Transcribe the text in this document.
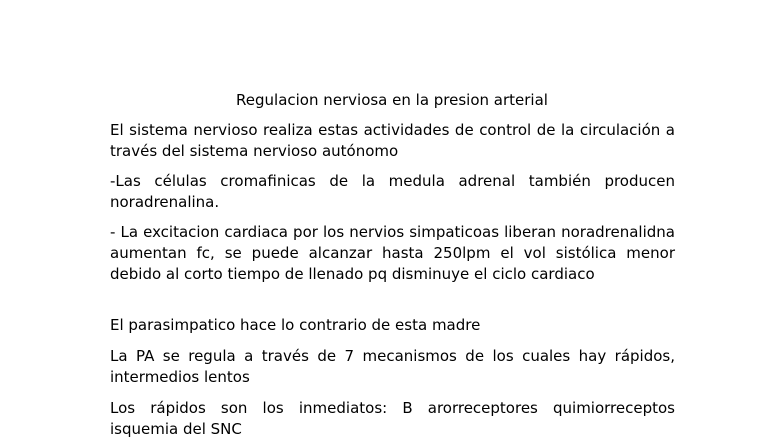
Regulacion nerviosa en la presion arterial

El sistema nervioso realiza estas actividades de control de la circulación a través del sistema nervioso autónomo

-Las células cromafinicas de la medula adrenal también producen noradrenalina.

- La excitacion cardiaca por los nervios simpaticoas liberan noradrenalidna aumentan fc, se puede alcanzar hasta 250lpm el vol sistólica menor debido al corto tiempo de llenado pq disminuye el ciclo cardiaco

El parasimpatico hace lo contrario de esta madre

La PA se regula a través de 7 mecanismos de los cuales hay rápidos, intermedios lentos

Los rápidos son los inmediatos: B arorreceptores quimiorreceptos isquemia del SNC
